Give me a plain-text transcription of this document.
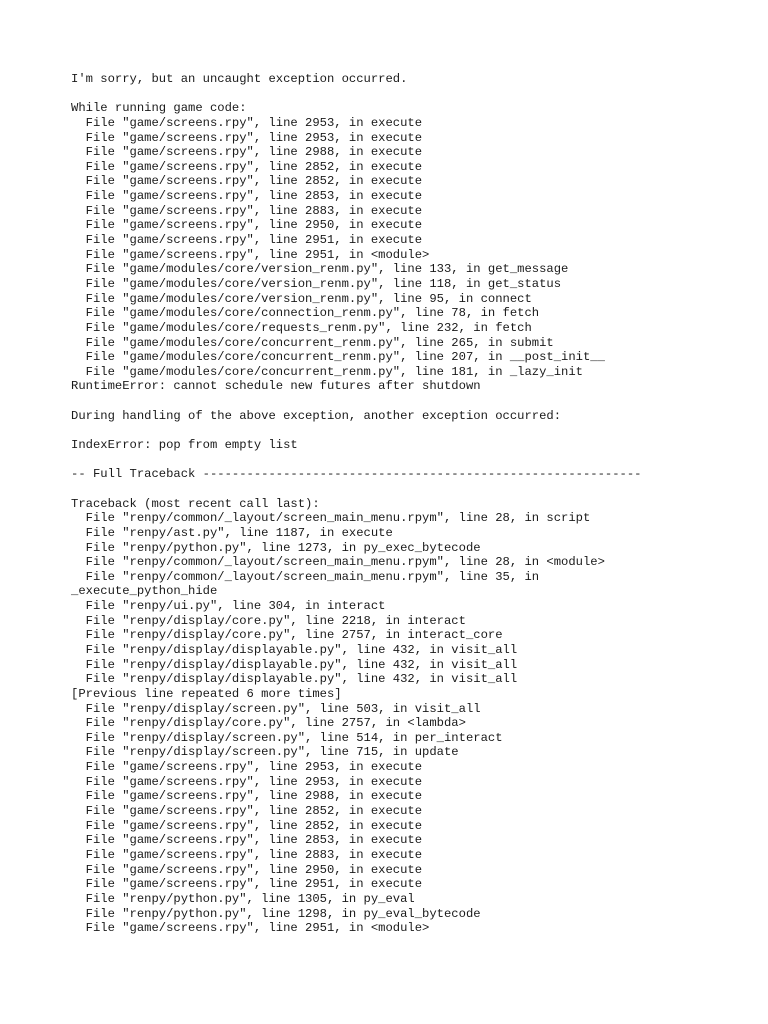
I'm sorry, but an uncaught exception occurred.
While running game code:
File "game/screens.rpy", line 2953, in execute
File "game/screens.rpy", line 2953, in execute
File "game/screens.rpy", line 2988, in execute
File "game/screens.rpy", line 2852, in execute
File "game/screens.rpy", line 2852, in execute
File "game/screens.rpy", line 2853, in execute
File "game/screens.rpy", line 2883, in execute
File "game/screens.rpy", line 2950, in execute
File "game/screens.rpy", line 2951, in execute
File "game/screens.rpy", line 2951, in <module>
File "game/modules/core/version_renm.py", line 133, in get_message
File "game/modules/core/version_renm.py", line 118, in get_status
File "game/modules/core/version_renm.py", line 95, in connect
File "game/modules/core/connection_renm.py", line 78, in fetch
File "game/modules/core/requests_renm.py", line 232, in fetch
File "game/modules/core/concurrent_renm.py", line 265, in submit
File "game/modules/core/concurrent_renm.py", line 207, in __post_init__
File "game/modules/core/concurrent_renm.py", line 181, in _lazy_init
RuntimeError: cannot schedule new futures after shutdown
During handling of the above exception, another exception occurred:
IndexError: pop from empty list
-- Full Traceback ------------------------------------------------------------
Traceback (most recent call last):
File "renpy/common/_layout/screen_main_menu.rpym", line 28, in script
File "renpy/ast.py", line 1187, in execute
File "renpy/python.py", line 1273, in py_exec_bytecode
File "renpy/common/_layout/screen_main_menu.rpym", line 28, in <module>
File "renpy/common/_layout/screen_main_menu.rpym", line 35, in
_execute_python_hide
File "renpy/ui.py", line 304, in interact
File "renpy/display/core.py", line 2218, in interact
File "renpy/display/core.py", line 2757, in interact_core
File "renpy/display/displayable.py", line 432, in visit_all
File "renpy/display/displayable.py", line 432, in visit_all
File "renpy/display/displayable.py", line 432, in visit_all
[Previous line repeated 6 more times]
File "renpy/display/screen.py", line 503, in visit_all
File "renpy/display/core.py", line 2757, in <lambda>
File "renpy/display/screen.py", line 514, in per_interact
File "renpy/display/screen.py", line 715, in update
File "game/screens.rpy", line 2953, in execute
File "game/screens.rpy", line 2953, in execute
File "game/screens.rpy", line 2988, in execute
File "game/screens.rpy", line 2852, in execute
File "game/screens.rpy", line 2852, in execute
File "game/screens.rpy", line 2853, in execute
File "game/screens.rpy", line 2883, in execute
File "game/screens.rpy", line 2950, in execute
File "game/screens.rpy", line 2951, in execute
File "renpy/python.py", line 1305, in py_eval
File "renpy/python.py", line 1298, in py_eval_bytecode
File "game/screens.rpy", line 2951, in <module>
